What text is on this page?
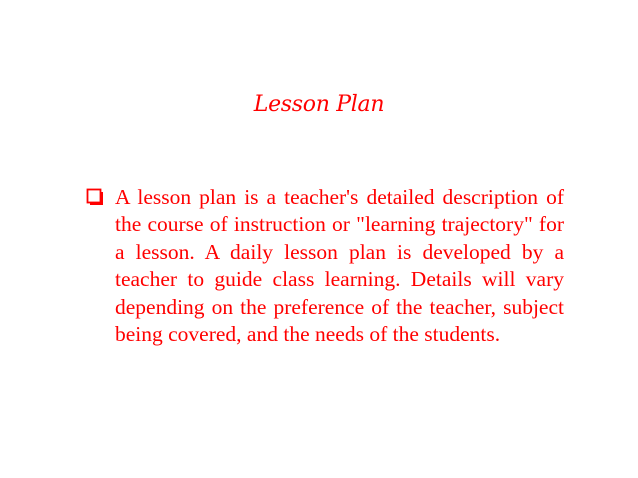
Lesson Plan

A lesson plan is a teacher's detailed description of the course of instruction or "learning trajectory" for a lesson. A daily lesson plan is developed by a teacher to guide class learning. Details will vary depending on the preference of the teacher, subject being covered, and the needs of the students.
